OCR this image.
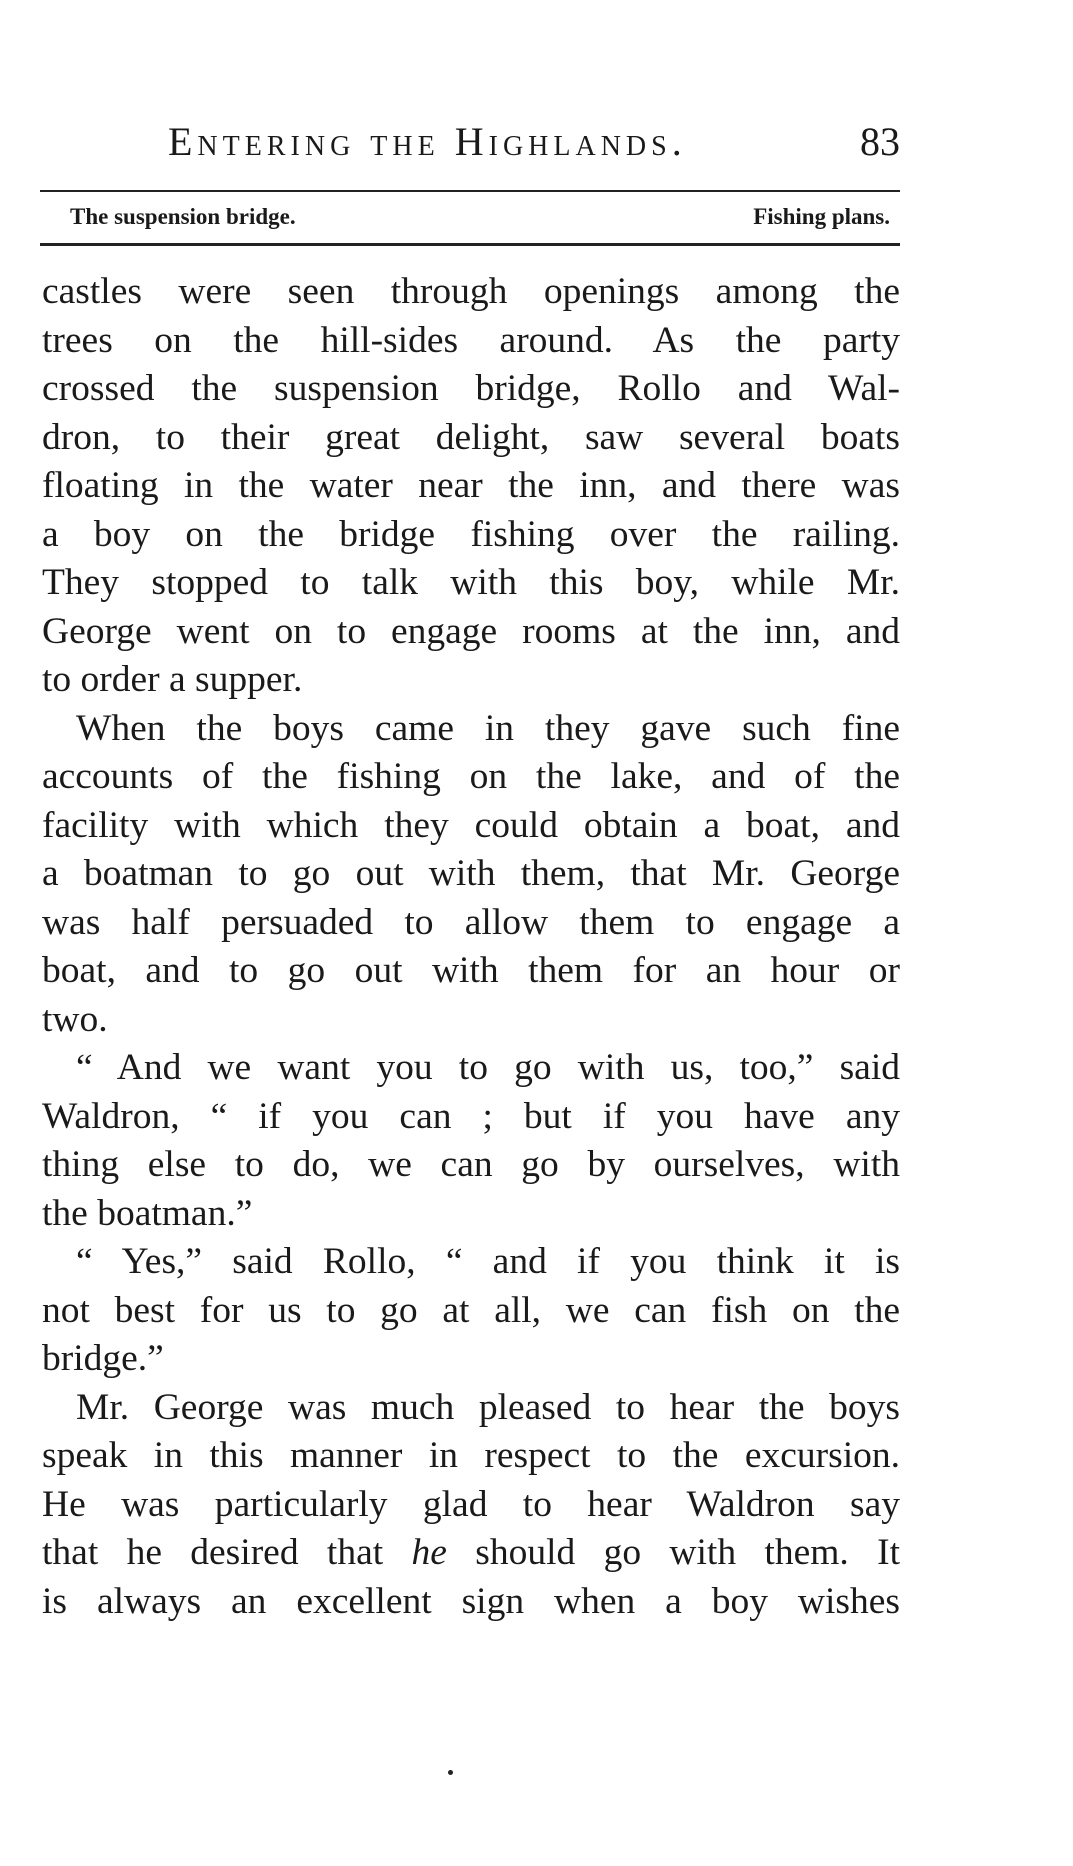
Entering the Highlands.	83
The suspension bridge.	Fishing plans.
castles were seen through openings among the
trees on the hill-sides around. As the party
crossed the suspension bridge, Rollo and Wal-
dron, to their great delight, saw several boats
floating in the water near the inn, and there was
a boy on the bridge fishing over the railing.
They stopped to talk with this boy, while Mr.
George went on to engage rooms at the inn, and
to order a supper.
When the boys came in they gave such fine
accounts of the fishing on the lake, and of the
facility with which they could obtain a boat, and
a boatman to go out with them, that Mr. George
was half persuaded to allow them to engage a
boat, and to go out with them for an hour or
two.
“ And we want you to go with us, too,” said
Waldron, “ if you can ; but if you have any
thing else to do, we can go by ourselves, with
the boatman.”
“ Yes,” said Rollo, “ and if you think it is
not best for us to go at all, we can fish on the
bridge.”
Mr. George was much pleased to hear the boys
speak in this manner in respect to the excursion.
He was particularly glad to hear Waldron say
that he desired that he should go with them. It
is always an excellent sign when a boy wishes
